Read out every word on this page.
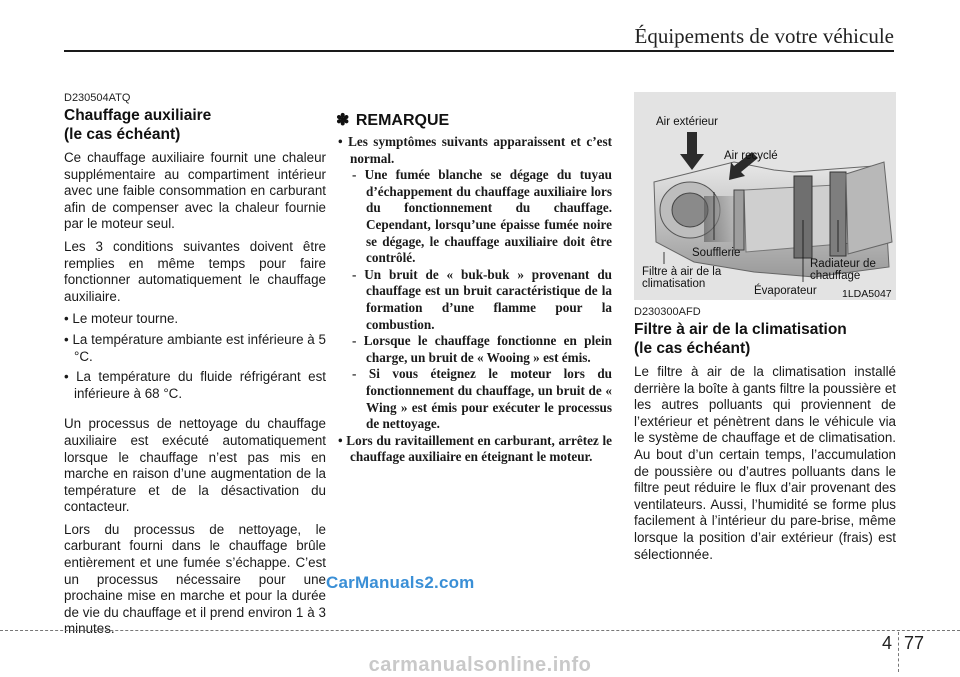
Équipements de votre véhicule
D230504ATQ
Chauffage auxiliaire
(le cas échéant)

Ce chauffage auxiliaire fournit une chaleur supplémentaire au compartiment intérieur avec une faible consommation en carburant afin de compenser avec la chaleur fournie par le moteur seul.

Les 3 conditions suivantes doivent être remplies en même temps pour faire fonctionner automatiquement le chauffage auxiliaire.

• Le moteur tourne.

• La température ambiante est inférieure à 5 °C.

• La température du fluide réfrigérant est inférieure à 68 °C.

Un processus de nettoyage du chauffage auxiliaire est exécuté automatiquement lorsque le chauffage n’est pas mis en marche en raison d’une augmentation de la température et de la désactivation du contacteur.

Lors du processus de nettoyage, le carburant fourni dans le chauffage brûle entièrement et une fumée s’échappe. C’est un processus nécessaire pour une prochaine mise en marche et pour la durée de vie du chauffage et il prend environ 1 à 3 minutes.

✽ REMARQUE

• Les symptômes suivants apparaissent et c’est normal.

- Une fumée blanche se dégage du tuyau d’échappement du chauffage auxiliaire lors du fonctionnement du chauffage. Cependant, lorsqu’une épaisse fumée noire se dégage, le chauffage auxiliaire doit être contrôlé.

- Un bruit de « buk-buk » provenant du chauffage est un bruit caractéristique de la formation d’une flamme pour la combustion.

- Lorsque le chauffage fonctionne en plein charge, un bruit de « Wooing » est émis.

- Si vous éteignez le moteur lors du fonctionnement du chauffage, un bruit de « Wing » est émis pour exécuter le processus de nettoyage.

• Lors du ravitaillement en carburant, arrêtez le chauffage auxiliaire en éteignant le moteur.

Air extérieur
Air recyclé
Soufflerie
Filtre à air de la
climatisation
Évaporateur
Radiateur de
chauffage
1LDA5047
D230300AFD
Filtre à air de la climatisation
(le cas échéant)

Le filtre à air de la climatisation installé derrière la boîte à gants filtre la poussière et les autres polluants qui proviennent de l’extérieur et pénètrent dans le véhicule via le système de chauffage et de climatisation. Au bout d’un certain temps, l’accumulation de poussière ou d’autres polluants dans le filtre peut réduire le flux d’air provenant des ventilateurs. Aussi, l’humidité se forme plus facilement à l’intérieur du pare-brise, même lorsque la position d’air extérieur (frais) est sélectionnée.

CarManuals2.com
4 77
carmanualsonline.info
